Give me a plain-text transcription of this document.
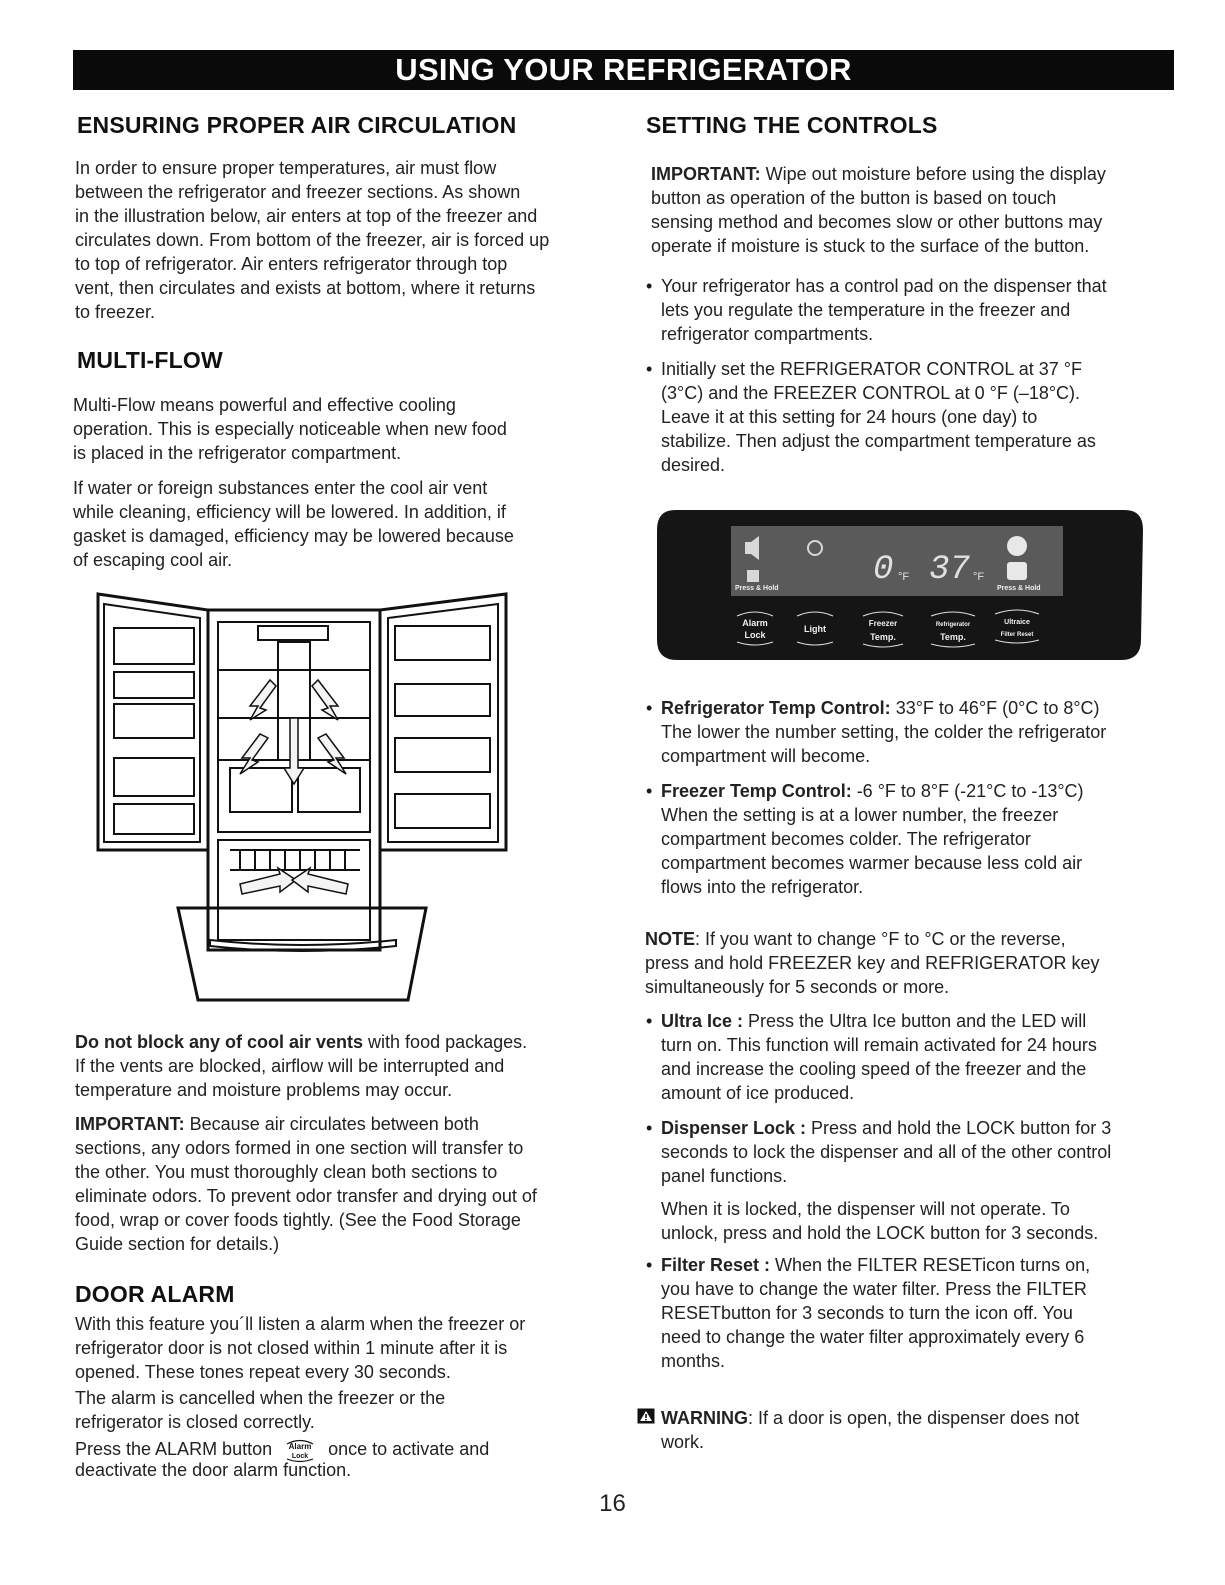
USING YOUR REFRIGERATOR
ENSURING PROPER AIR CIRCULATION

In order to ensure proper temperatures, air must flow

between the refrigerator and freezer sections. As shown

in the illustration below, air enters at top of the freezer and

circulates down. From bottom of the freezer, air is forced up

to top of refrigerator. Air enters refrigerator through top

vent, then circulates and exists at bottom, where it returns

to freezer.

MULTI-FLOW

Multi-Flow means powerful and effective cooling

operation. This is especially noticeable when new food

is placed in the refrigerator compartment.

If water or foreign substances enter the cool air vent

while cleaning, efficiency will be lowered. In addition, if

gasket is damaged, efficiency may be lowered because

of escaping cool air.

Do not block any of cool air vents with food packages.

If the vents are blocked, airflow will be interrupted and

temperature and moisture problems may occur.

IMPORTANT: Because air circulates between both

sections, any odors formed in one section will transfer to

the other. You must thoroughly clean both sections to

eliminate odors. To prevent odor transfer and drying out of

food, wrap or cover foods tightly. (See the Food Storage

Guide section for details.)

DOOR ALARM

With this feature you´ll listen a alarm when the freezer or

refrigerator door is not closed within 1 minute after it is

opened. These tones repeat every 30 seconds.

The alarm is cancelled when the freezer or the

refrigerator is closed correctly.

Press the ALARM button Alarm
Lock once to activate and

deactivate the door alarm function.

SETTING THE CONTROLS

IMPORTANT: Wipe out moisture before using the display

button as operation of the button is based on touch

sensing method and becomes slow or other buttons may

operate if moisture is stuck to the surface of the button.

• Your refrigerator has a control pad on the dispenser that

lets you regulate the temperature in the freezer and

refrigerator compartments.

• Initially set the REFRIGERATOR CONTROL at 37 °F

(3°C) and the FREEZER CONTROL at 0 °F (–18°C).

Leave it at this setting for 24 hours (one day) to

stabilize. Then adjust the compartment temperature as

desired.

0 °F 37 °F
Press & Hold	Press & Hold
Alarm
Lock
Light
Freezer
Temp.
Refrigerator
Temp.
Ultraice
Filter Reset
• Refrigerator Temp Control: 33°F to 46°F (0°C to 8°C)

The lower the number setting, the colder the refrigerator

compartment will become.

• Freezer Temp Control: -6 °F to 8°F (-21°C to -13°C)

When the setting is at a lower number, the freezer

compartment becomes colder. The refrigerator

compartment becomes warmer because less cold air

flows into the refrigerator.

NOTE: If you want to change °F to °C or the reverse,

press and hold FREEZER key and REFRIGERATOR key

simultaneously for 5 seconds or more.

• Ultra Ice : Press the Ultra Ice button and the LED will

turn on. This function will remain activated for 24 hours

and increase the cooling speed of the freezer and the

amount of ice produced.

• Dispenser Lock : Press and hold the LOCK button for 3

seconds to lock the dispenser and all of the other control

panel functions.

When it is locked, the dispenser will not operate. To

unlock, press and hold the LOCK button for 3 seconds.

• Filter Reset : When the FILTER RESETicon turns on,

you have to change the water filter. Press the FILTER

RESETbutton for 3 seconds to turn the icon off. You

need to change the water filter approximately every 6

months.

WARNING: If a door is open, the dispenser does not

work.

16
